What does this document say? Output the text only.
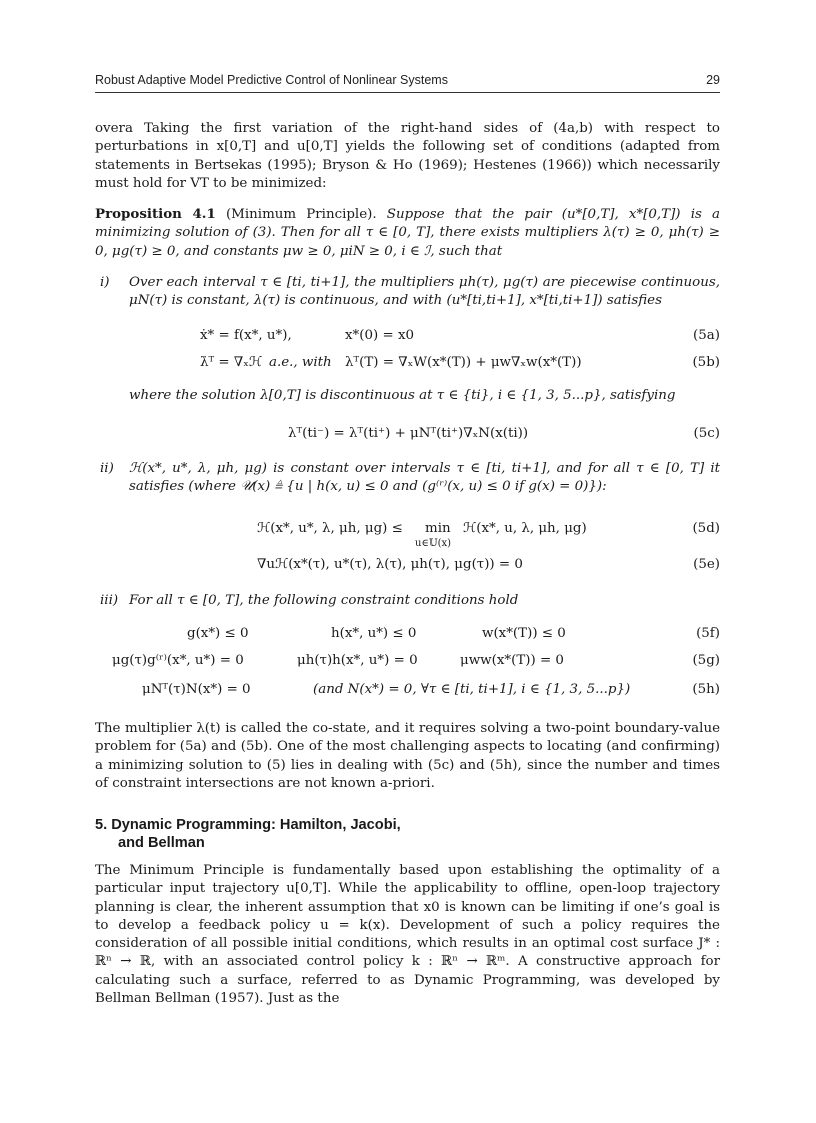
Robust Adaptive Model Predictive Control of Nonlinear Systems	29
overa Taking the first variation of the right-hand sides of (4a,b) with respect to perturbations in x[0,T] and u[0,T] yields the following set of conditions (adapted from statements in Bertsekas (1995); Bryson & Ho (1969); Hestenes (1966)) which necessarily must hold for VT to be minimized:
Proposition 4.1 (Minimum Principle). Suppose that the pair (u*[0,T], x*[0,T]) is a minimizing solution of (3). Then for all τ ∈ [0, T], there exists multipliers λ(τ) ≥ 0, μh(τ) ≥ 0, μg(τ) ≥ 0, and constants μw ≥ 0, μiN ≥ 0, i ∈ ℐ, such that
i) Over each interval τ ∈ [ti, ti+1], the multipliers μh(τ), μg(τ) are piecewise continuous, μN(τ) is constant, λ(τ) is continuous, and with (u*[ti,ti+1], x*[ti,ti+1]) satisfies
ẋ* = f(x*, u*),	x*(0) = x0	(5a)
λ̇ᵀ = ∇ₓℋ a.e., with λᵀ(T) = ∇ₓW(x*(T)) + μw∇ₓw(x*(T))	(5b)
where the solution λ[0,T] is discontinuous at τ ∈ {ti}, i ∈ {1, 3, 5...p}, satisfying
λᵀ(ti⁻) = λᵀ(ti⁺) + μNᵀ(ti⁺)∇ₓN(x(ti))	(5c)
ii) ℋ(x*, u*, λ, μh, μg) is constant over intervals τ ∈ [ti, ti+1], and for all τ ∈ [0, T] it satisfies (where 𝒰(x) ≜ {u | h(x, u) ≤ 0 and (g⁽ʳ⁾(x, u) ≤ 0 if g(x) = 0)}):
ℋ(x*, u*, λ, μh, μg) ≤ min
u∈𝕌(x)
ℋ(x*, u, λ, μh, μg)	(5d)
∇uℋ(x*(τ), u*(τ), λ(τ), μh(τ), μg(τ)) = 0	(5e)
iii) For all τ ∈ [0, T], the following constraint conditions hold
g(x*) ≤ 0	h(x*, u*) ≤ 0	w(x*(T)) ≤ 0	(5f)
μg(τ)g⁽ʳ⁾(x*, u*) = 0	μh(τ)h(x*, u*) = 0	μww(x*(T)) = 0	(5g)
μNᵀ(τ)N(x*) = 0	(and N(x*) = 0, ∀τ ∈ [ti, ti+1], i ∈ {1, 3, 5...p})	(5h)
The multiplier λ(t) is called the co-state, and it requires solving a two-point boundary-value problem for (5a) and (5b). One of the most challenging aspects to locating (and confirming) a minimizing solution to (5) lies in dealing with (5c) and (5h), since the number and times of constraint intersections are not known a-priori.
5. Dynamic Programming: Hamilton, Jacobi,
and Bellman
The Minimum Principle is fundamentally based upon establishing the optimality of a particular input trajectory u[0,T]. While the applicability to offline, open-loop trajectory planning is clear, the inherent assumption that x0 is known can be limiting if one’s goal is to develop a feedback policy u = k(x). Development of such a policy requires the consideration of all possible initial conditions, which results in an optimal cost surface J* : ℝⁿ → ℝ, with an associated control policy k : ℝⁿ → ℝᵐ. A constructive approach for calculating such a surface, referred to as Dynamic Programming, was developed by Bellman Bellman (1957). Just as the
